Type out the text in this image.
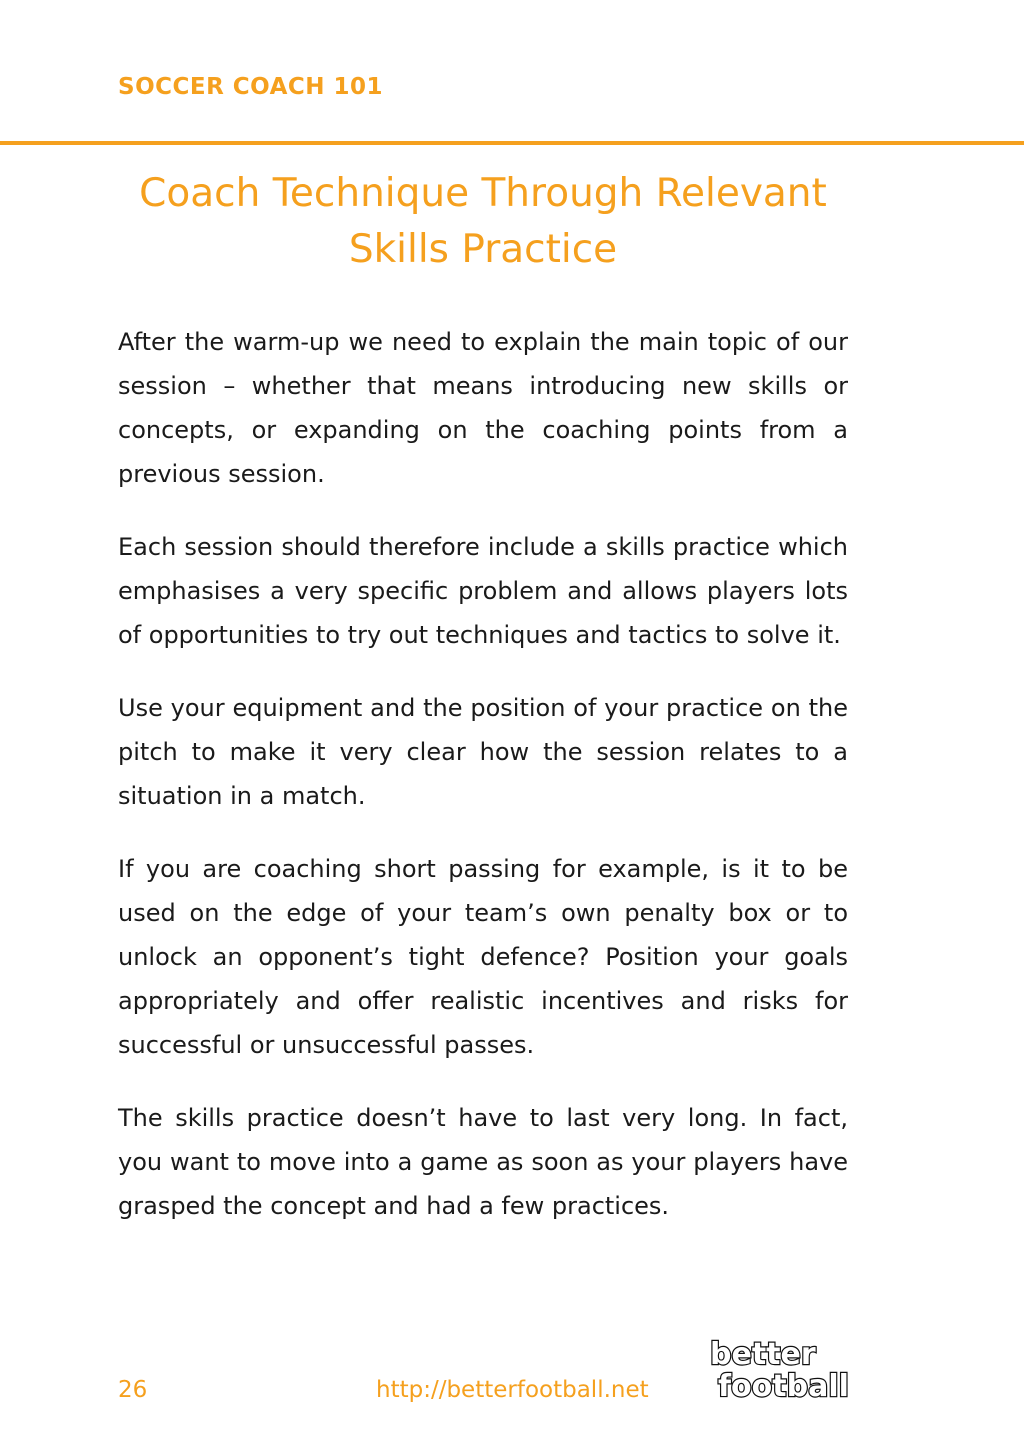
SOCCER COACH 101
Coach Technique Through Relevant
Skills Practice

After the warm-up we need to explain the main topic of our session – whether that means introducing new skills or concepts, or expanding on the coaching points from a previous session.

Each session should therefore include a skills practice which emphasises a very specific problem and allows players lots of opportunities to try out techniques and tactics to solve it.

Use your equipment and the position of your practice on the pitch to make it very clear how the session relates to a situation in a match.

If you are coaching short passing for example, is it to be used on the edge of your team’s own penalty box or to unlock an opponent’s tight defence? Position your goals appropriately and offer realistic incentives and risks for successful or unsuccessful passes.

The skills practice doesn’t have to last very long. In fact, you want to move into a game as soon as your players have grasped the concept and had a few practices.

26	http://betterfootball.net
better
football
